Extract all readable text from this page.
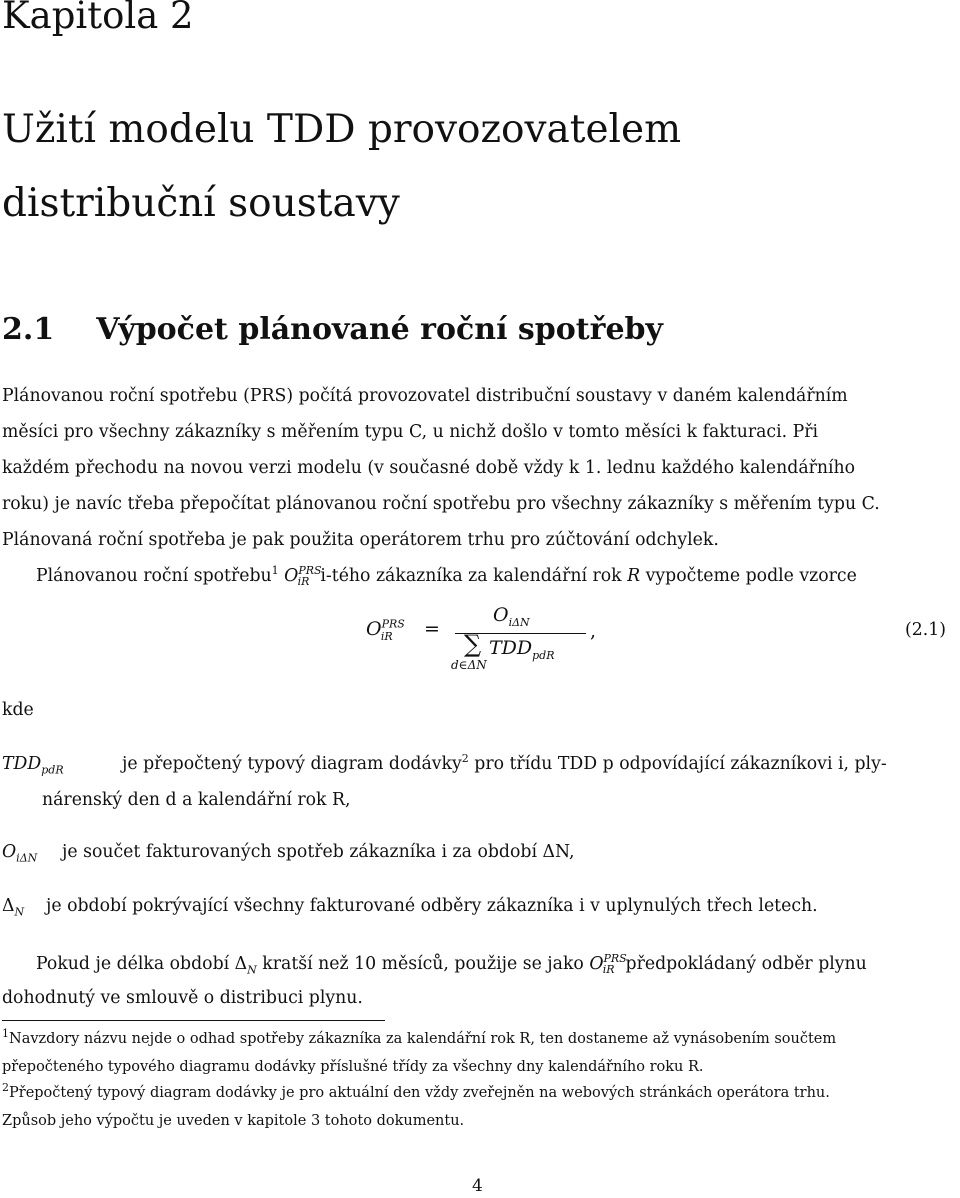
Kapitola 2
Užití modelu TDD provozovatelem
distribuční soustavy
2.1 Výpočet plánované roční spotřeby
Plánovanou roční spotřebu (PRS) počítá provozovatel distribuční soustavy v daném kalendářním
měsíci pro všechny zákazníky s měřením typu C, u nichž došlo v tomto měsíci k fakturaci. Při
každém přechodu na novou verzi modelu (v současné době vždy k 1. lednu každého kalendářního
roku) je navíc třeba přepočítat plánovanou roční spotřebu pro všechny zákazníky s měřením typu C.
Plánovaná roční spotřeba je pak použita operátorem trhu pro zúčtování odchylek.
Plánovanou roční spotřebu$^1$ $O^{PRS}_{iR}$ i-tého zákazníka za kalendářní rok R vypočteme podle vzorce
$O^{PRS}_{iR}$ =
$O_{i\Delta N}$
∑
d∈ΔN
$TDD_{pdR}$
,	(2.1)
kde
$TDD_{pdR}$	je přepočtený typový diagram dodávky$^2$ pro třídu TDD p odpovídající zákazníkovi i, ply-
nárenský den d a kalendářní rok R,
$O_{i\Delta N}$ je součet fakturovaných spotřeb zákazníka i za období ΔN,
$\Delta_N$ je období pokrývající všechny fakturované odběry zákazníka i v uplynulých třech letech.
Pokud je délka období $\Delta_N$ kratší než 10 měsíců, použije se jako $O^{PRS}_{iR}$ předpokládaný odběr plynu
dohodnutý ve smlouvě o distribuci plynu.
$^1$Navzdory názvu nejde o odhad spotřeby zákazníka za kalendářní rok R, ten dostaneme až vynásobením součtem
přepočteného typového diagramu dodávky příslušné třídy za všechny dny kalendářního roku R.
$^2$Přepočtený typový diagram dodávky je pro aktuální den vždy zveřejněn na webových stránkách operátora trhu.
Způsob jeho výpočtu je uveden v kapitole 3 tohoto dokumentu.
4
